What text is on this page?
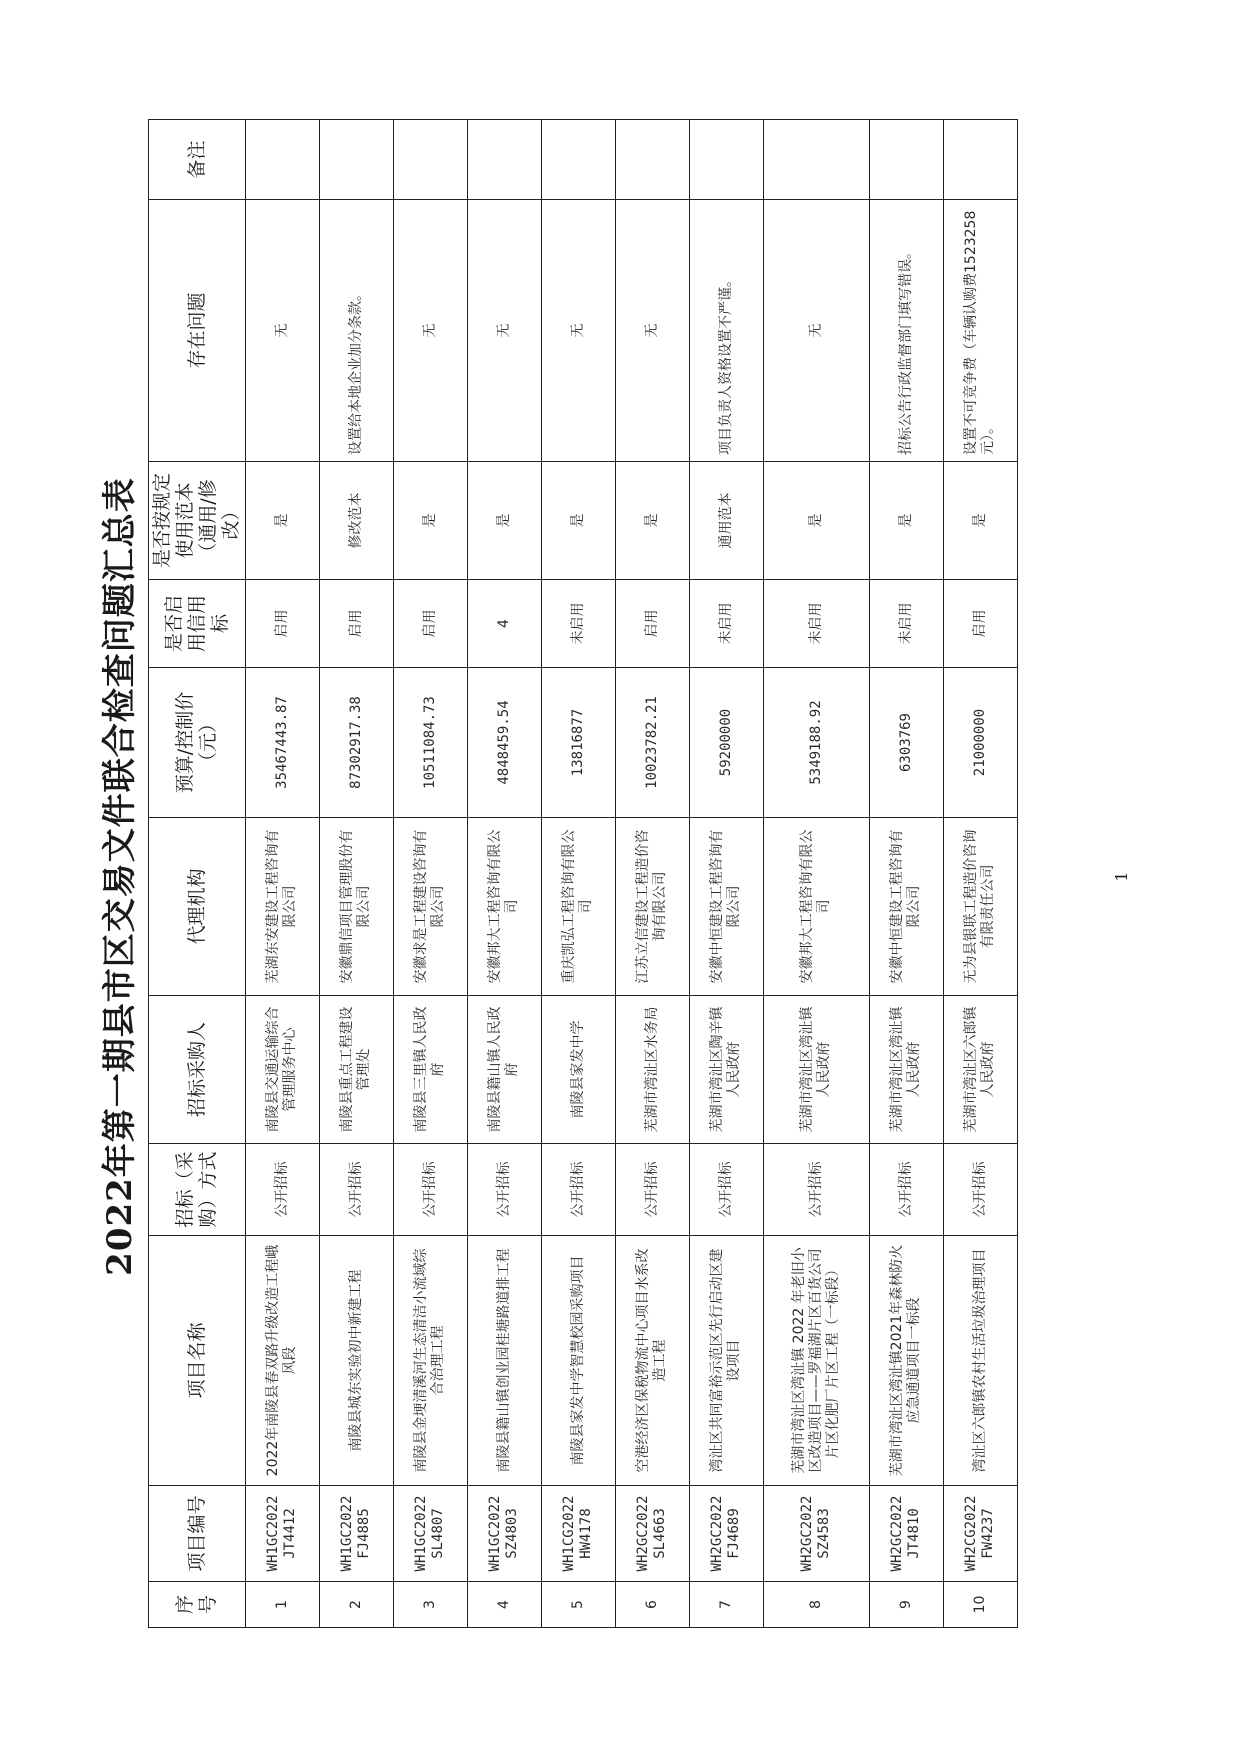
2022年第一期县市区交易文件联合检查问题汇总表
序号	项目编号	项目名称	招标（采购）方式	招标采购人	代理机构	预算/控制价（元）	是否启用信用标	是否按规定使用范本（通用/修改）	存在问题	备注
1	WH1GC2022JT4412	2022年南陵县春双路升级改造工程峨风段	公开招标	南陵县交通运输综合管理服务中心	芜湖东安建设工程咨询有限公司	35467443.87	启用	是	无	
2	WH1GC2022FJ4885	南陵县城东实验初中新建工程	公开招标	南陵县重点工程建设管理处	安徽鼎信项目管理股份有限公司	87302917.38	启用	修改范本	设置给本地企业加分条款。	
3	WH1GC2022SL4807	南陵县金埂清溪河生态清洁小流域综合治理工程	公开招标	南陵县三里镇人民政府	安徽求是工程建设咨询有限公司	10511084.73	启用	是	无	
4	WH1GC2022SZ4803	南陵县籍山镇创业园桂塘路道排工程	公开招标	南陵县籍山镇人民政府	安徽邦大工程咨询有限公司	4848459.54	4	是	无	
5	WH1CG2022HW4178	南陵县家发中学智慧校园采购项目	公开招标	南陵县家发中学	重庆凯弘工程咨询有限公司	13816877	未启用	是	无	
6	WH2GC2022SL4663	空港经济区保税物流中心项目水系改造工程	公开招标	芜湖市湾沚区水务局	江苏立信建设工程造价咨询有限公司	10023782.21	启用	是	无	
7	WH2GC2022FJ4689	湾沚区共同富裕示范区先行启动区建设项目	公开招标	芜湖市湾沚区陶辛镇人民政府	安徽中恒建设工程咨询有限公司	59200000	未启用	通用范本	项目负责人资格设置不严谨。	
8	WH2GC2022SZ4583	芜湖市湾沚区湾沚镇 2022 年老旧小区改造项目——罗福湖片区百货公司片区化肥厂片区工程（一标段）	公开招标	芜湖市湾沚区湾沚镇人民政府	安徽邦大工程咨询有限公司	5349188.92	未启用	是	无	
9	WH2GC2022JT4810	芜湖市湾沚区湾沚镇2021年森林防火应急通道项目一标段	公开招标	芜湖市湾沚区湾沚镇人民政府	安徽中恒建设工程咨询有限公司	6303769	未启用	是	招标公告行政监督部门填写错误。	
10	WH2CG2022FW4237	湾沚区六郎镇农村生活垃圾治理项目	公开招标	芜湖市湾沚区六郎镇人民政府	无为县银联工程造价咨询有限责任公司	21000000	启用	是	设置不可竞争费（车辆认购费1523258元）。	
1
